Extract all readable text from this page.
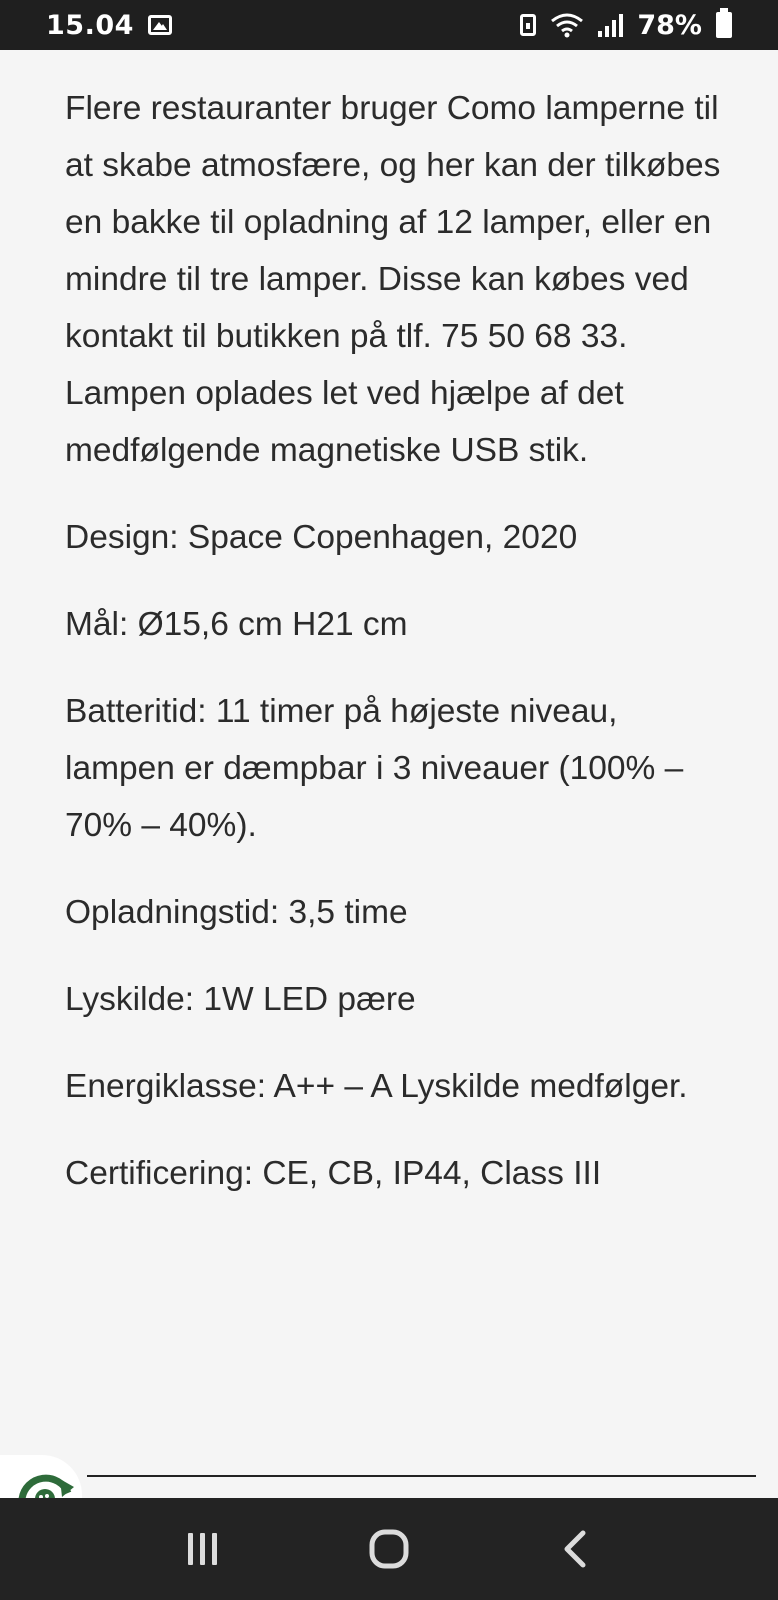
15.04	78%

Flere restauranter bruger Como lamperne til at skabe atmosfære, og her kan der tilkøbes en bakke til opladning af 12 lamper, eller en mindre til tre lamper. Disse kan købes ved kontakt til butikken på tlf. 75 50 68 33. Lampen oplades let ved hjælpe af det medfølgende magnetiske USB stik.

Design: Space Copenhagen, 2020

Mål: Ø15,6 cm H21 cm

Batteritid: 11 timer på højeste niveau, lampen er dæmpbar i 3 niveauer (100% – 70% – 40%).

Opladningstid: 3,5 time

Lyskilde: 1W LED pære

Energiklasse: A++ – A Lyskilde medfølger.

Certificering: CE, CB, IP44, Class III
